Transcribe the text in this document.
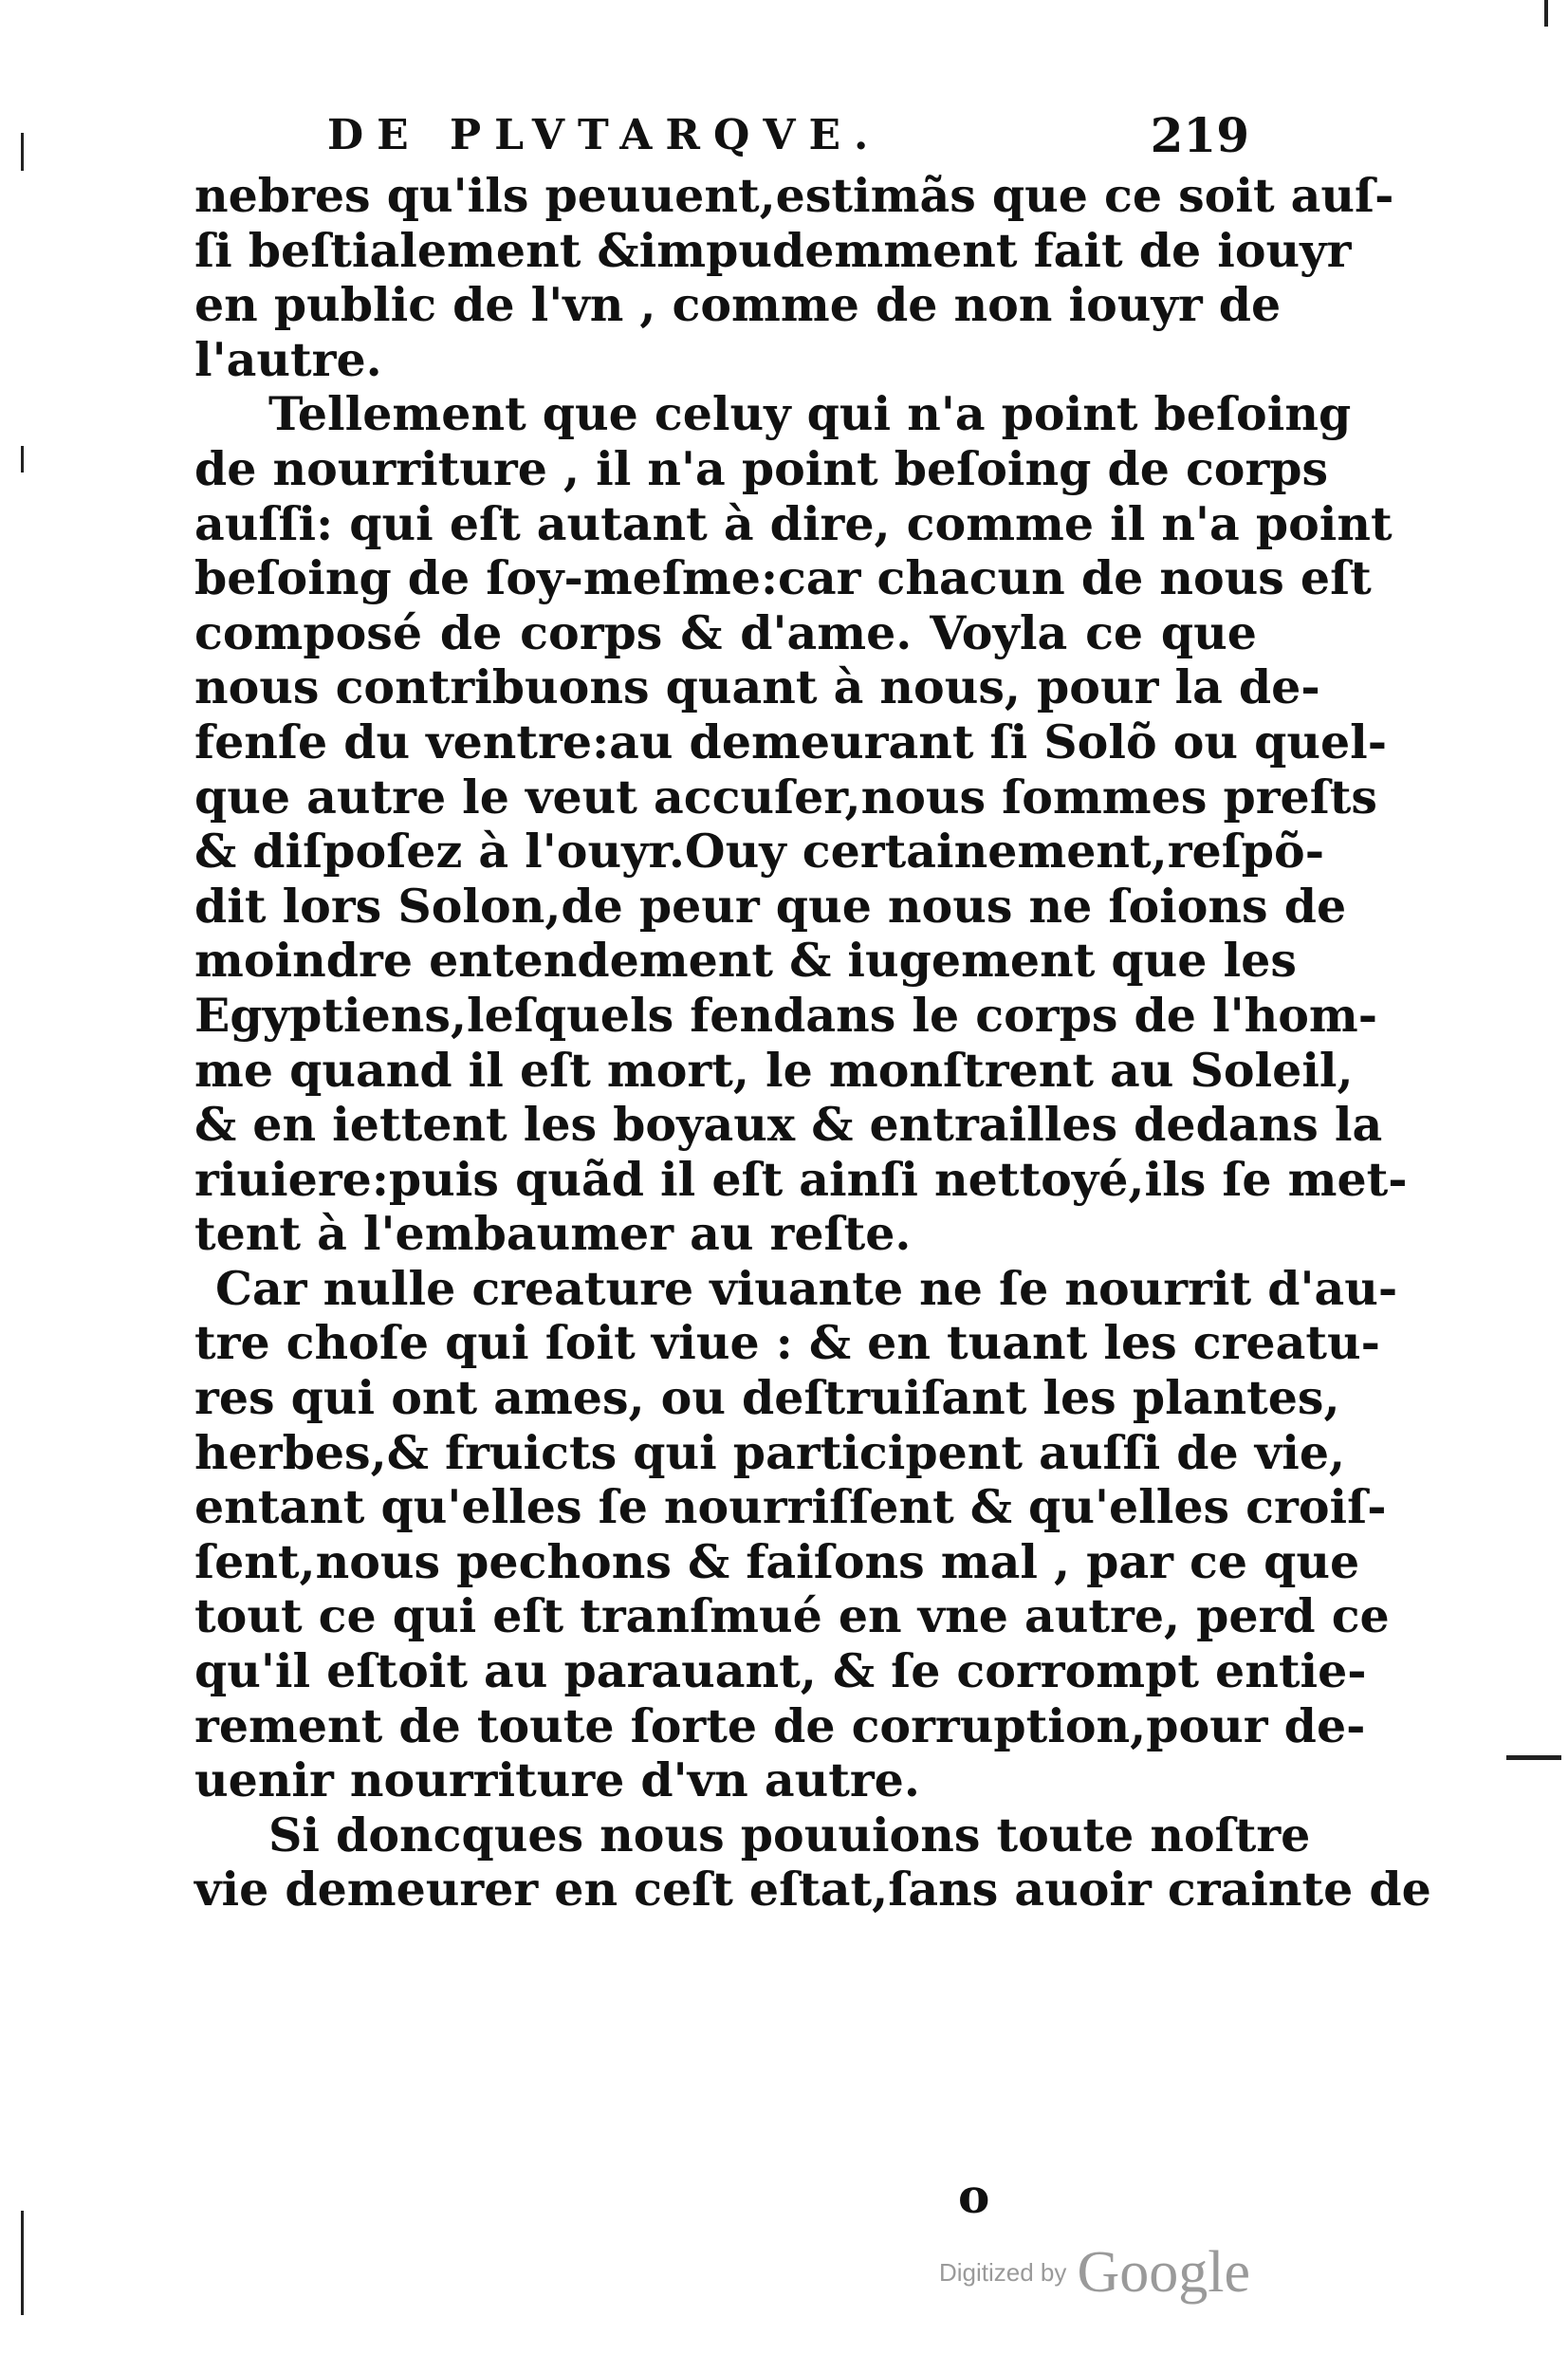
DE PLVTARQVE.	219
nebres qu'ils peuuent,estimãs que ce soit auſ-
ſi beſtialement &impudemment fait de iouyr
en public de l'vn , comme de non iouyr de
l'autre.
Tellement que celuy qui n'a point beſoing
de nourriture , il n'a point beſoing de corps
auſſi: qui eſt autant à dire, comme il n'a point
beſoing de ſoy-meſme:car chacun de nous eſt
composé de corps & d'ame. Voyla ce que
nous contribuons quant à nous, pour la de-
fenſe du ventre:au demeurant ſi Solõ ou quel-
que autre le veut accuſer,nous ſommes preſts
& diſpoſez à l'ouyr.Ouy certainement,reſpõ-
dit lors Solon,de peur que nous ne ſoions de
moindre entendement & iugement que les
Egyptiens,leſquels fendans le corps de l'hom-
me quand il eſt mort, le monſtrent au Soleil,
& en iettent les boyaux & entrailles dedans la
riuiere:puis quãd il eſt ainſi nettoyé,ils ſe met-
tent à l'embaumer au reſte.
Car nulle creature viuante ne ſe nourrit d'au-
tre choſe qui ſoit viue : & en tuant les creatu-
res qui ont ames, ou deſtruiſant les plantes,
herbes,& fruicts qui participent auſſi de vie,
entant qu'elles ſe nourriſſent & qu'elles croiſ-
ſent,nous pechons & faiſons mal , par ce que
tout ce qui eſt tranſmué en vne autre, perd ce
qu'il eſtoit au parauant, & ſe corrompt entie-
rement de toute ſorte de corruption,pour de-
uenir nourriture d'vn autre.
Si doncques nous pouuions toute noſtre
vie demeurer en ceſt eſtat,ſans auoir crainte de
o
Digitized by Google
